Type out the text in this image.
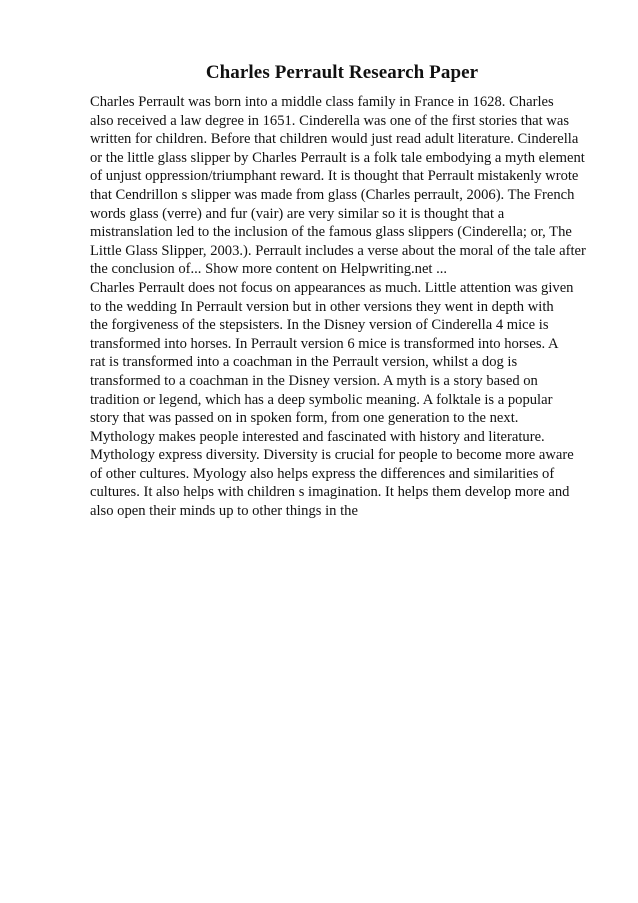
Charles Perrault Research Paper
Charles Perrault was born into a middle class family in France in 1628. Charles
also received a law degree in 1651. Cinderella was one of the first stories that was
written for children. Before that children would just read adult literature. Cinderella
or the little glass slipper by Charles Perrault is a folk tale embodying a myth element
of unjust oppression/triumphant reward. It is thought that Perrault mistakenly wrote
that Cendrillon s slipper was made from glass (Charles perrault, 2006). The French
words glass (verre) and fur (vair) are very similar so it is thought that a
mistranslation led to the inclusion of the famous glass slippers (Cinderella; or, The
Little Glass Slipper, 2003.). Perrault includes a verse about the moral of the tale after
the conclusion of... Show more content on Helpwriting.net ...
Charles Perrault does not focus on appearances as much. Little attention was given
to the wedding In Perrault version but in other versions they went in depth with
the forgiveness of the stepsisters. In the Disney version of Cinderella 4 mice is
transformed into horses. In Perrault version 6 mice is transformed into horses. A
rat is transformed into a coachman in the Perrault version, whilst a dog is
transformed to a coachman in the Disney version. A myth is a story based on
tradition or legend, which has a deep symbolic meaning. A folktale is a popular
story that was passed on in spoken form, from one generation to the next.
Mythology makes people interested and fascinated with history and literature.
Mythology express diversity. Diversity is crucial for people to become more aware
of other cultures. Myology also helps express the differences and similarities of
cultures. It also helps with children s imagination. It helps them develop more and
also open their minds up to other things in the
